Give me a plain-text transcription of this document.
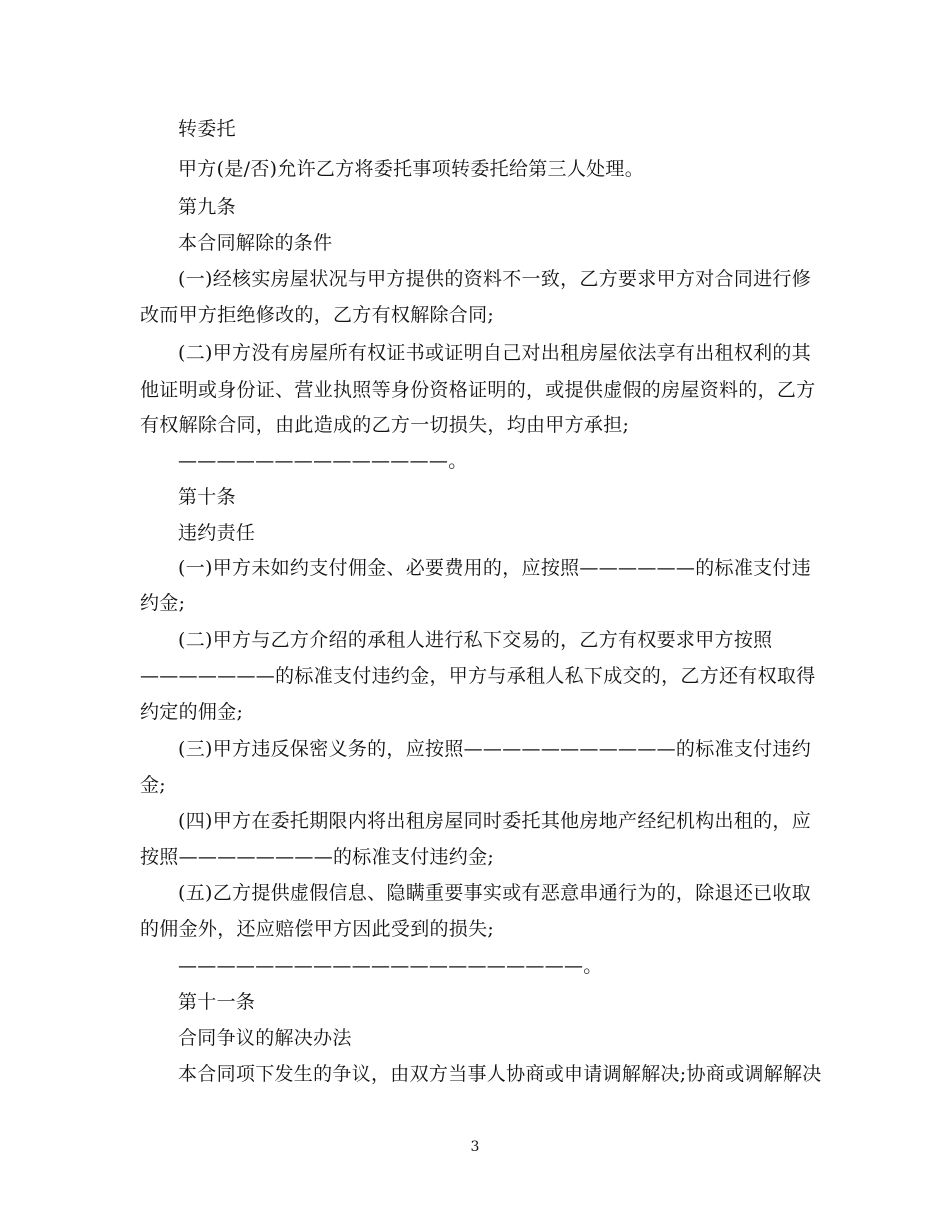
转委托
甲方(是/否)允许乙方将委托事项转委托给第三人处理。
第九条
本合同解除的条件
(一)经核实房屋状况与甲方提供的资料不一致，乙方要求甲方对合同进行修
改而甲方拒绝修改的，乙方有权解除合同;
(二)甲方没有房屋所有权证书或证明自己对出租房屋依法享有出租权利的其
他证明或身份证、营业执照等身份资格证明的，或提供虚假的房屋资料的，乙方
有权解除合同，由此造成的乙方一切损失，均由甲方承担;
——————————————。
第十条
违约责任
(一)甲方未如约支付佣金、必要费用的，应按照——————的标准支付违
约金;
(二)甲方与乙方介绍的承租人进行私下交易的，乙方有权要求甲方按照
———————的标准支付违约金，甲方与承租人私下成交的，乙方还有权取得
约定的佣金;
(三)甲方违反保密义务的，应按照———————————的标准支付违约
金;
(四)甲方在委托期限内将出租房屋同时委托其他房地产经纪机构出租的，应
按照————————的标准支付违约金;
(五)乙方提供虚假信息、隐瞒重要事实或有恶意串通行为的，除退还已收取
的佣金外，还应赔偿甲方因此受到的损失;
—————————————————————。
第十一条
合同争议的解决办法
本合同项下发生的争议，由双方当事人协商或申请调解解决;协商或调解解决
3
